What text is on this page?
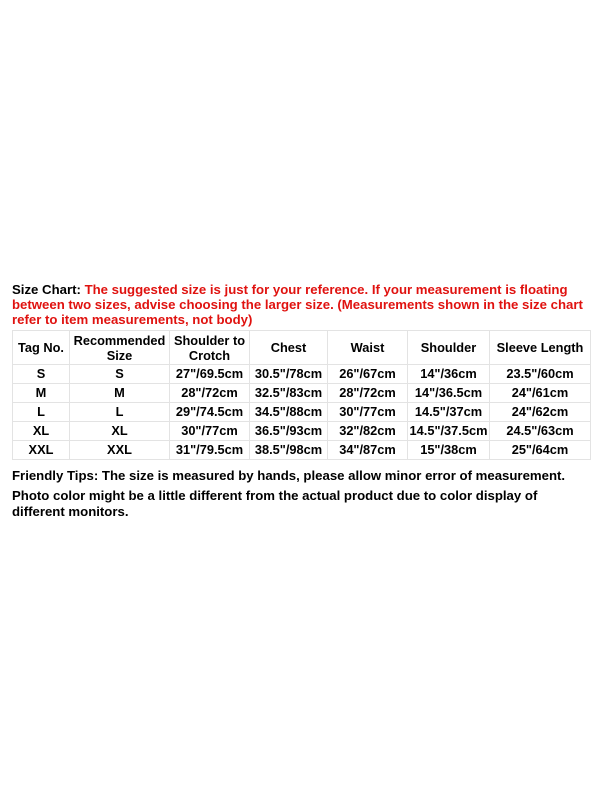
Size Chart: The suggested size is just for your reference. If your measurement is floating between two sizes, advise choosing the larger size. (Measurements shown in the size chart refer to item measurements, not body)

Tag No.	Recommended Size	Shoulder to Crotch	Chest	Waist	Shoulder	Sleeve Length
S	S	27"/69.5cm	30.5"/78cm	26"/67cm	14"/36cm	23.5"/60cm
M	M	28"/72cm	32.5"/83cm	28"/72cm	14"/36.5cm	24"/61cm
L	L	29"/74.5cm	34.5"/88cm	30"/77cm	14.5"/37cm	24"/62cm
XL	XL	30"/77cm	36.5"/93cm	32"/82cm	14.5"/37.5cm	24.5"/63cm
XXL	XXL	31"/79.5cm	38.5"/98cm	34"/87cm	15"/38cm	25"/64cm

Friendly Tips: The size is measured by hands, please allow minor error of measurement.

Photo color might be a little different from the actual product due to color display of different monitors.
